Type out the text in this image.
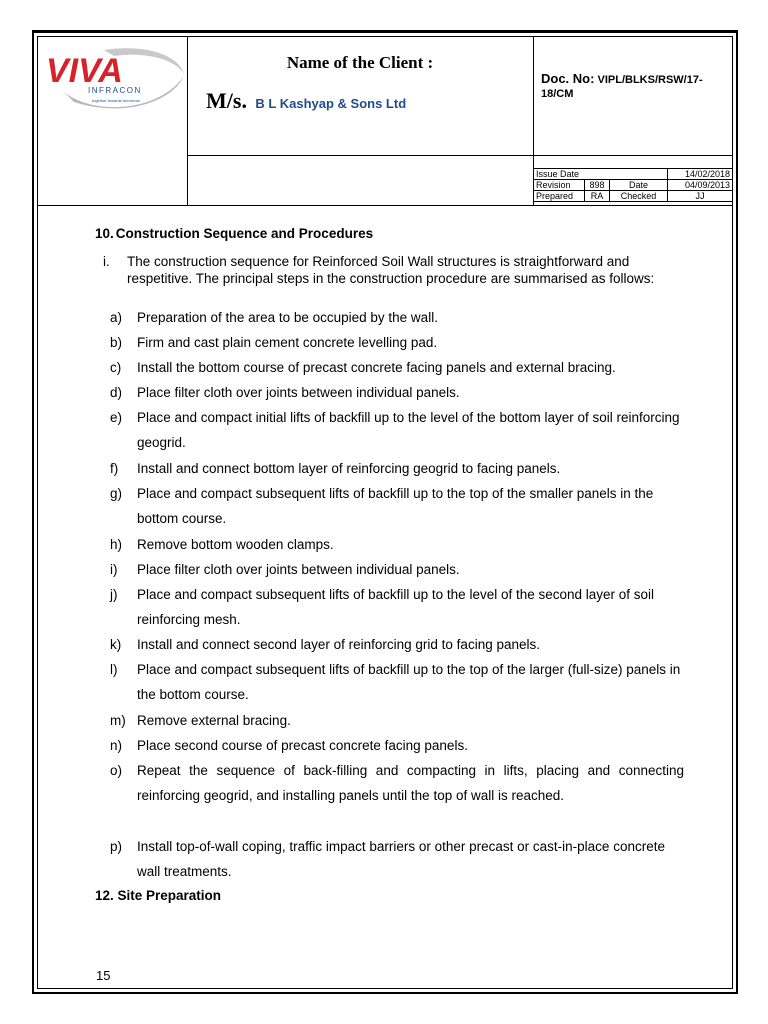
VIVA
INFRACON
together towards tomorrow
Name of the Client :
M/s. B L Kashyap & Sons Ltd
Doc. No: VIPL/BLKS/RSW/17-18/CM
Issue Date			14/02/2018
Revision	898	Date	04/09/2013
Prepared	RA	Checked	JJ
10. Construction Sequence and Procedures
i. The construction sequence for Reinforced Soil Wall structures is straightforward and respetitive. The principal steps in the construction procedure are summarised as follows:
a) Preparation of the area to be occupied by the wall.
b) Firm and cast plain cement concrete levelling pad.
c) Install the bottom course of precast concrete facing panels and external bracing.
d) Place filter cloth over joints between individual panels.
e) Place and compact initial lifts of backfill up to the level of the bottom layer of soil reinforcing geogrid.
f) Install and connect bottom layer of reinforcing geogrid to facing panels.
g) Place and compact subsequent lifts of backfill up to the top of the smaller panels in the bottom course.
h) Remove bottom wooden clamps.
i) Place filter cloth over joints between individual panels.
j) Place and compact subsequent lifts of backfill up to the level of the second layer of soil reinforcing mesh.
k) Install and connect second layer of reinforcing grid to facing panels.
l) Place and compact subsequent lifts of backfill up to the top of the larger (full-size) panels in the bottom course.
m) Remove external bracing.
n) Place second course of precast concrete facing panels.
o) Repeat the sequence of back-filling and compacting in lifts, placing and connecting reinforcing geogrid, and installing panels until the top of wall is reached.
p) Install top-of-wall coping, traffic impact barriers or other precast or cast-in-place concrete wall treatments.
12. Site Preparation
15
